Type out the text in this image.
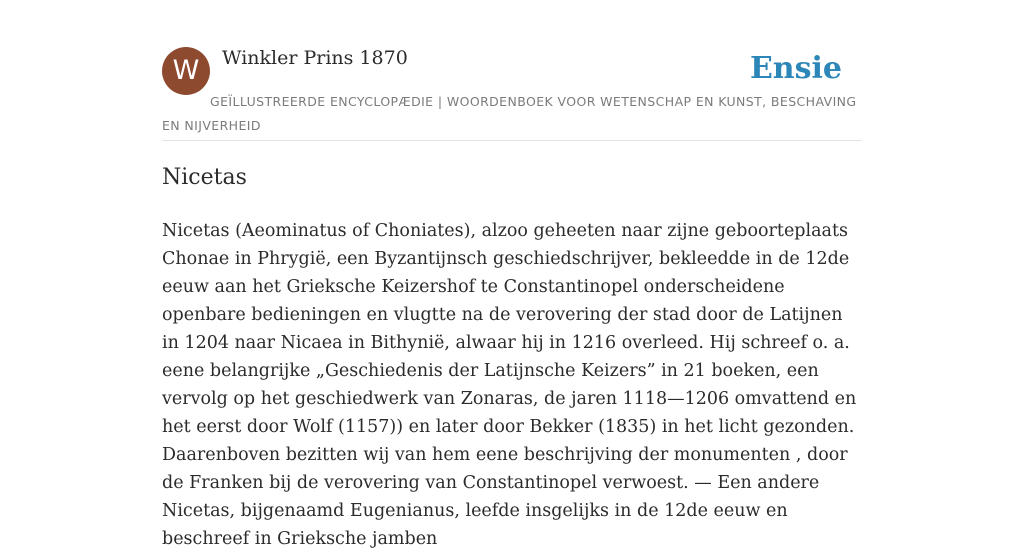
W	Winkler Prins 1870	Ensie
GEÏLLUSTREERDE ENCYCLOPÆDIE | WOORDENBOEK VOOR WETENSCHAP EN KUNST, BESCHAVING EN NIJVERHEID
Nicetas

Nicetas (Aeominatus of Choniates), alzoo geheeten naar zijne geboorteplaats Chonae in Phrygië, een Byzantijnsch geschiedschrijver, bekleedde in de 12de eeuw aan het Grieksche Keizershof te Constantinopel onderscheidene openbare bedieningen en vlugtte na de verovering der stad door de Latijnen in 1204 naar Nicaea in Bithynië, alwaar hij in 1216 overleed. Hij schreef o. a. eene belangrijke „Geschiedenis der Latijnsche Keizers” in 21 boeken, een vervolg op het geschiedwerk van Zonaras, de jaren 1118—1206 omvattend en het eerst door Wolf (1157)) en later door Bekker (1835) in het licht gezonden. Daarenboven bezitten wij van hem eene beschrijving der monumenten , door de Franken bij de verovering van Constantinopel verwoest. — Een andere Nicetas, bijgenaamd Eugenianus, leefde insgelijks in de 12de eeuw en beschreef in Grieksche jamben
